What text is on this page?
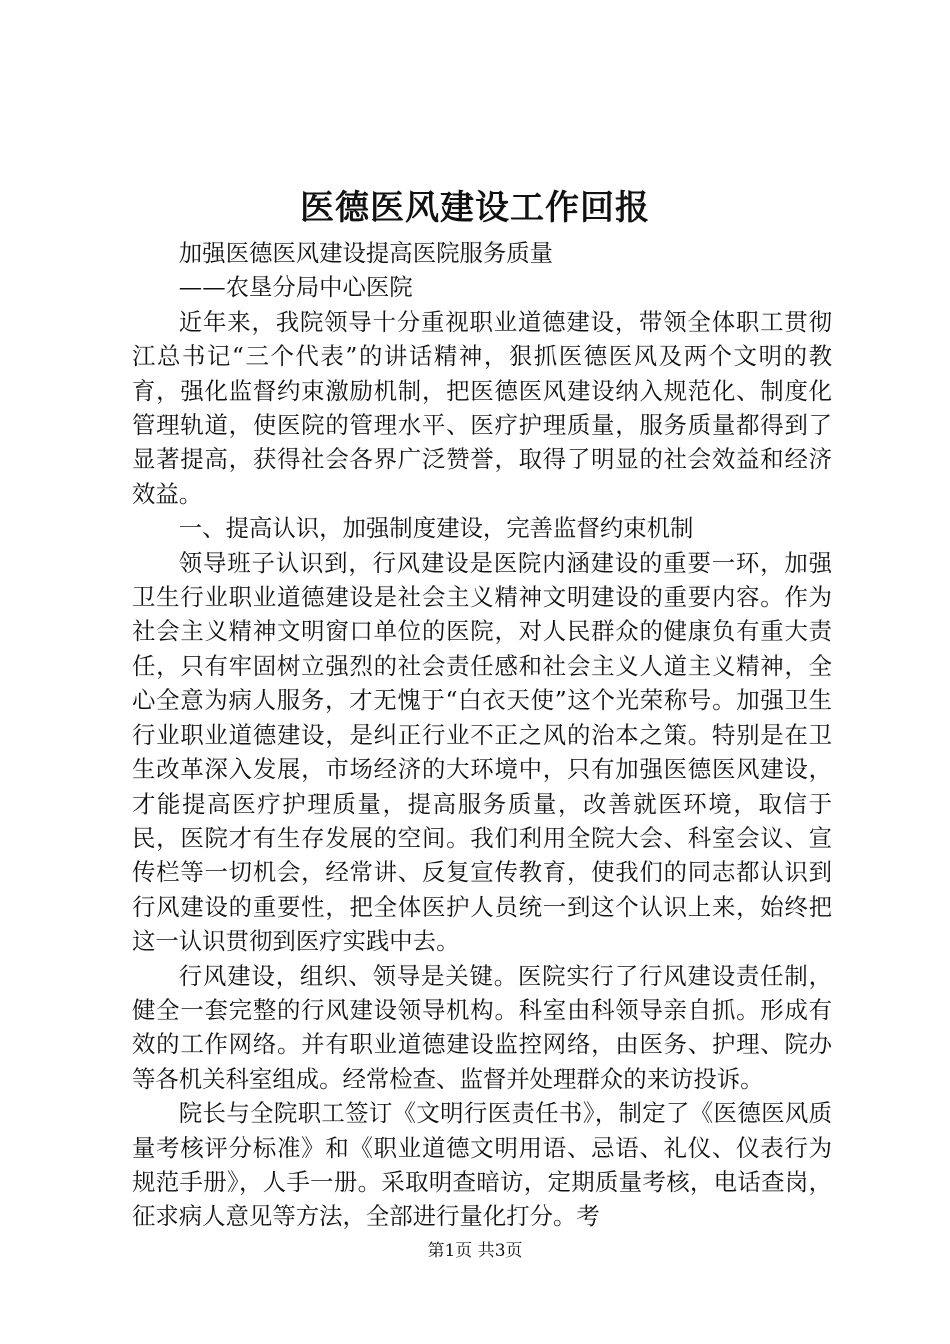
医德医风建设工作回报

加强医德医风建设提高医院服务质量

——农垦分局中心医院

近年来，我院领导十分重视职业道德建设，带领全体职工贯彻江总书记“三个代表”的讲话精神，狠抓医德医风及两个文明的教育，强化监督约束激励机制，把医德医风建设纳入规范化、制度化管理轨道，使医院的管理水平、医疗护理质量，服务质量都得到了显著提高，获得社会各界广泛赞誉，取得了明显的社会效益和经济效益。

一、提高认识，加强制度建设，完善监督约束机制

领导班子认识到，行风建设是医院内涵建设的重要一环，加强卫生行业职业道德建设是社会主义精神文明建设的重要内容。作为社会主义精神文明窗口单位的医院，对人民群众的健康负有重大责任，只有牢固树立强烈的社会责任感和社会主义人道主义精神，全心全意为病人服务，才无愧于“白衣天使”这个光荣称号。加强卫生行业职业道德建设，是纠正行业不正之风的治本之策。特别是在卫生改革深入发展，市场经济的大环境中，只有加强医德医风建设，才能提高医疗护理质量，提高服务质量，改善就医环境，取信于民，医院才有生存发展的空间。我们利用全院大会、科室会议、宣传栏等一切机会，经常讲、反复宣传教育，使我们的同志都认识到行风建设的重要性，把全体医护人员统一到这个认识上来，始终把这一认识贯彻到医疗实践中去。

行风建设，组织、领导是关键。医院实行了行风建设责任制，健全一套完整的行风建设领导机构。科室由科领导亲自抓。形成有效的工作网络。并有职业道德建设监控网络，由医务、护理、院办等各机关科室组成。经常检查、监督并处理群众的来访投诉。

院长与全院职工签订《文明行医责任书》，制定了《医德医风质量考核评分标准》和《职业道德文明用语、忌语、礼仪、仪表行为规范手册》，人手一册。采取明查暗访，定期质量考核，电话查岗，征求病人意见等方法，全部进行量化打分。考

第1页 共3页
